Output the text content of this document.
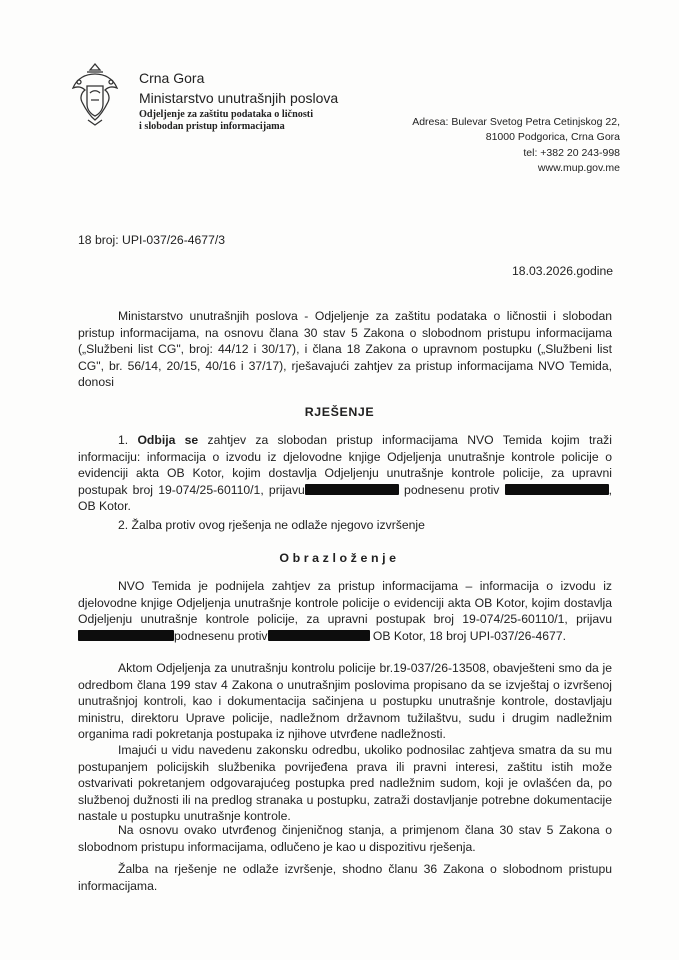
Crna Gora
Ministarstvo unutrašnjih poslova
Odjeljenje za zaštitu podataka o ličnosti
i slobodan pristup informacijama	Adresa: Bulevar Svetog Petra Cetinjskog 22,
81000 Podgorica, Crna Gora
tel: +382 20 243-998
www.mup.gov.me
18 broj: UPI-037/26-4677/3
18.03.2026.godine
Ministarstvo unutrašnjih poslova - Odjeljenje za zaštitu podataka o ličnostii i slobodan pristup informacijama, na osnovu člana 30 stav 5 Zakona o slobodnom pristupu informacijama („Službeni list CG", broj: 44/12 i 30/17), i člana 18 Zakona o upravnom postupku („Službeni list CG", br. 56/14, 20/15, 40/16 i 37/17), rješavajući zahtjev za pristup informacijama NVO Temida, donosi
RJEŠENJE
1. Odbija se zahtjev za slobodan pristup informacijama NVO Temida kojim traži informaciju: informacija o izvodu iz djelovodne knjige Odjeljenja unutrašnje kontrole policije o evidenciji akta OB Kotor, kojim dostavlja Odjeljenju unutrašnje kontrole policije, za upravni postupak broj 19-074/25-60110/1, prijavu	podnesenu protiv	, OB Kotor.
2. Žalba protiv ovog rješenja ne odlaže njegovo izvršenje
Obrazloženje
NVO Temida je podnijela zahtjev za pristup informacijama – informacija o izvodu iz djelovodne knjige Odjeljenja unutrašnje kontrole policije o evidenciji akta OB Kotor, kojim dostavlja Odjeljenju unutrašnje kontrole policije, za upravni postupak broj 19-074/25-60110/1, prijavupodnesenu protiv	OB Kotor, 18 broj UPI-037/26-4677.
Aktom Odjeljenja za unutrašnju kontrolu policije br.19-037/26-13508, obavješteni smo da je odredbom člana 199 stav 4 Zakona o unutrašnjim poslovima propisano da se izvještaj o izvršenoj unutrašnjoj kontroli, kao i dokumentacija sačinjena u postupku unutrašnje kontrole, dostavljaju ministru, direktoru Uprave policije, nadležnom državnom tužilaštvu, sudu i drugim nadležnim organima radi pokretanja postupaka iz njihove utvrđene nadležnosti.
Imajući u vidu navedenu zakonsku odredbu, ukoliko podnosilac zahtjeva smatra da su mu postupanjem policijskih službenika povrijeđena prava ili pravni interesi, zaštitu istih može ostvarivati pokretanjem odgovarajućeg postupka pred nadležnim sudom, koji je ovlašćen da, po službenoj dužnosti ili na predlog stranaka u postupku, zatraži dostavljanje potrebne dokumentacije nastale u postupku unutrašnje kontrole.
Na osnovu ovako utvrđenog činjeničnog stanja, a primjenom člana 30 stav 5 Zakona o slobodnom pristupu informacijama, odlučeno je kao u dispozitivu rješenja.
Žalba na rješenje ne odlaže izvršenje, shodno članu 36 Zakona o slobodnom pristupu informacijama.
